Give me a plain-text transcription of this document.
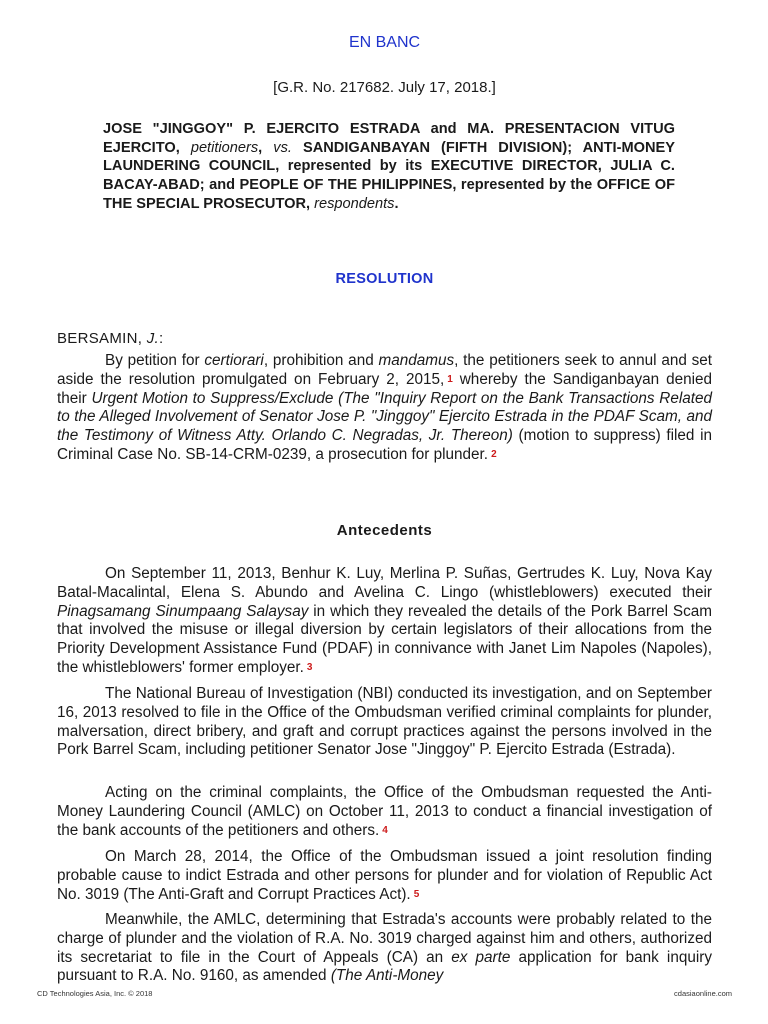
EN BANC
[G.R. No. 217682. July 17, 2018.]
JOSE "JINGGOY" P. EJERCITO ESTRADA and MA. PRESENTACION VITUG EJERCITO, petitioners, vs. SANDIGANBAYAN (FIFTH DIVISION); ANTI-MONEY LAUNDERING COUNCIL, represented by its EXECUTIVE DIRECTOR, JULIA C. BACAY-ABAD; and PEOPLE OF THE PHILIPPINES, represented by the OFFICE OF THE SPECIAL PROSECUTOR, respondents.
RESOLUTION
BERSAMIN, J.:
By petition for certiorari, prohibition and mandamus, the petitioners seek to annul and set aside the resolution promulgated on February 2, 2015, 1 whereby the Sandiganbayan denied their Urgent Motion to Suppress/Exclude (The "Inquiry Report on the Bank Transactions Related to the Alleged Involvement of Senator Jose P. "Jinggoy" Ejercito Estrada in the PDAF Scam, and the Testimony of Witness Atty. Orlando C. Negradas, Jr. Thereon) (motion to suppress) filed in Criminal Case No. SB-14-CRM-0239, a prosecution for plunder. 2
Antecedents
On September 11, 2013, Benhur K. Luy, Merlina P. Suñas, Gertrudes K. Luy, Nova Kay Batal-Macalintal, Elena S. Abundo and Avelina C. Lingo (whistleblowers) executed their Pinagsamang Sinumpaang Salaysay in which they revealed the details of the Pork Barrel Scam that involved the misuse or illegal diversion by certain legislators of their allocations from the Priority Development Assistance Fund (PDAF) in connivance with Janet Lim Napoles (Napoles), the whistleblowers' former employer. 3
The National Bureau of Investigation (NBI) conducted its investigation, and on September 16, 2013 resolved to file in the Office of the Ombudsman verified criminal complaints for plunder, malversation, direct bribery, and graft and corrupt practices against the persons involved in the Pork Barrel Scam, including petitioner Senator Jose "Jinggoy" P. Ejercito Estrada (Estrada).
Acting on the criminal complaints, the Office of the Ombudsman requested the Anti-Money Laundering Council (AMLC) on October 11, 2013 to conduct a financial investigation of the bank accounts of the petitioners and others. 4
On March 28, 2014, the Office of the Ombudsman issued a joint resolution finding probable cause to indict Estrada and other persons for plunder and for violation of Republic Act No. 3019 (The Anti-Graft and Corrupt Practices Act). 5
Meanwhile, the AMLC, determining that Estrada's accounts were probably related to the charge of plunder and the violation of R.A. No. 3019 charged against him and others, authorized its secretariat to file in the Court of Appeals (CA) an ex parte application for bank inquiry pursuant to R.A. No. 9160, as amended (The Anti-Money
CD Technologies Asia, Inc. © 2018	cdasiaonline.com
